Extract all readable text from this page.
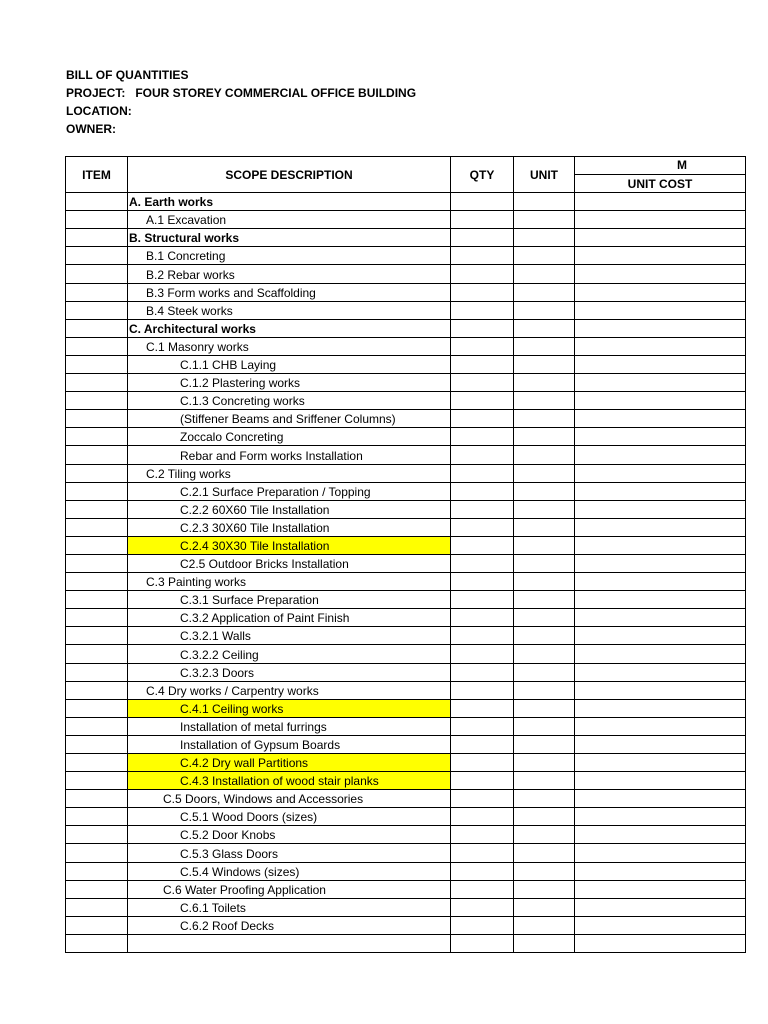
BILL OF QUANTITIES
PROJECT:   FOUR STOREY COMMERCIAL OFFICE BUILDING
LOCATION:
OWNER:
ITEM	SCOPE DESCRIPTION	QTY	UNIT	M
				UNIT COST
	A. Earth works			
	A.1 Excavation			
	B. Structural works			
	B.1 Concreting			
	B.2 Rebar works			
	B.3 Form works and Scaffolding			
	B.4 Steek works			
	C. Architectural works			
	C.1 Masonry works			
	C.1.1 CHB Laying			
	C.1.2 Plastering works			
	C.1.3 Concreting works			
	(Stiffener Beams and Sriffener Columns)			
	Zoccalo Concreting			
	Rebar and Form works Installation			
	C.2 Tiling works			
	C.2.1 Surface Preparation / Topping			
	C.2.2 60X60 Tile Installation			
	C.2.3 30X60 Tile Installation			
	C.2.4 30X30 Tile Installation			
	C2.5 Outdoor Bricks Installation			
	C.3 Painting works			
	C.3.1 Surface Preparation			
	C.3.2 Application of Paint Finish			
	C.3.2.1 Walls			
	C.3.2.2 Ceiling			
	C.3.2.3 Doors			
	C.4 Dry works / Carpentry works			
	C.4.1 Ceiling works			
	Installation of metal furrings			
	Installation of Gypsum Boards			
	C.4.2 Dry wall Partitions			
	C.4.3 Installation of wood stair planks			
	C.5 Doors, Windows and Accessories			
	C.5.1 Wood Doors (sizes)			
	C.5.2 Door Knobs			
	C.5.3 Glass Doors			
	C.5.4 Windows (sizes)			
	C.6 Water Proofing Application			
	C.6.1 Toilets			
	C.6.2 Roof Decks			
